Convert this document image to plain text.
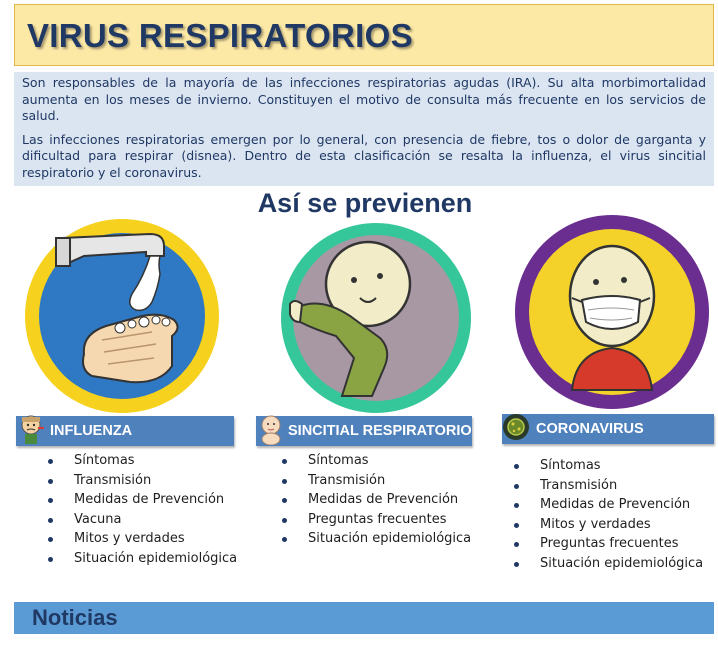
VIRUS RESPIRATORIOS

Son responsables de la mayoría de las infecciones respiratorias agudas (IRA). Su alta morbimortalidad aumenta en los meses de invierno. Constituyen el motivo de consulta más frecuente en los servicios de salud.

Las infecciones respiratorias emergen por lo general, con presencia de fiebre, tos o dolor de garganta y dificultad para respirar (disnea). Dentro de esta clasificación se resalta la influenza, el virus sincitial respiratorio y el coronavirus.

Así se previenen
INFLUENZA
Síntomas
Transmisión
Medidas de Prevención
Vacuna
Mitos y verdades
Situación epidemiológica
SINCITIAL RESPIRATORIO
Síntomas
Transmisión
Medidas de Prevención
Preguntas frecuentes
Situación epidemiológica
CORONAVIRUS
Síntomas
Transmisión
Medidas de Prevención
Mitos y verdades
Preguntas frecuentes
Situación epidemiológica
Noticias
